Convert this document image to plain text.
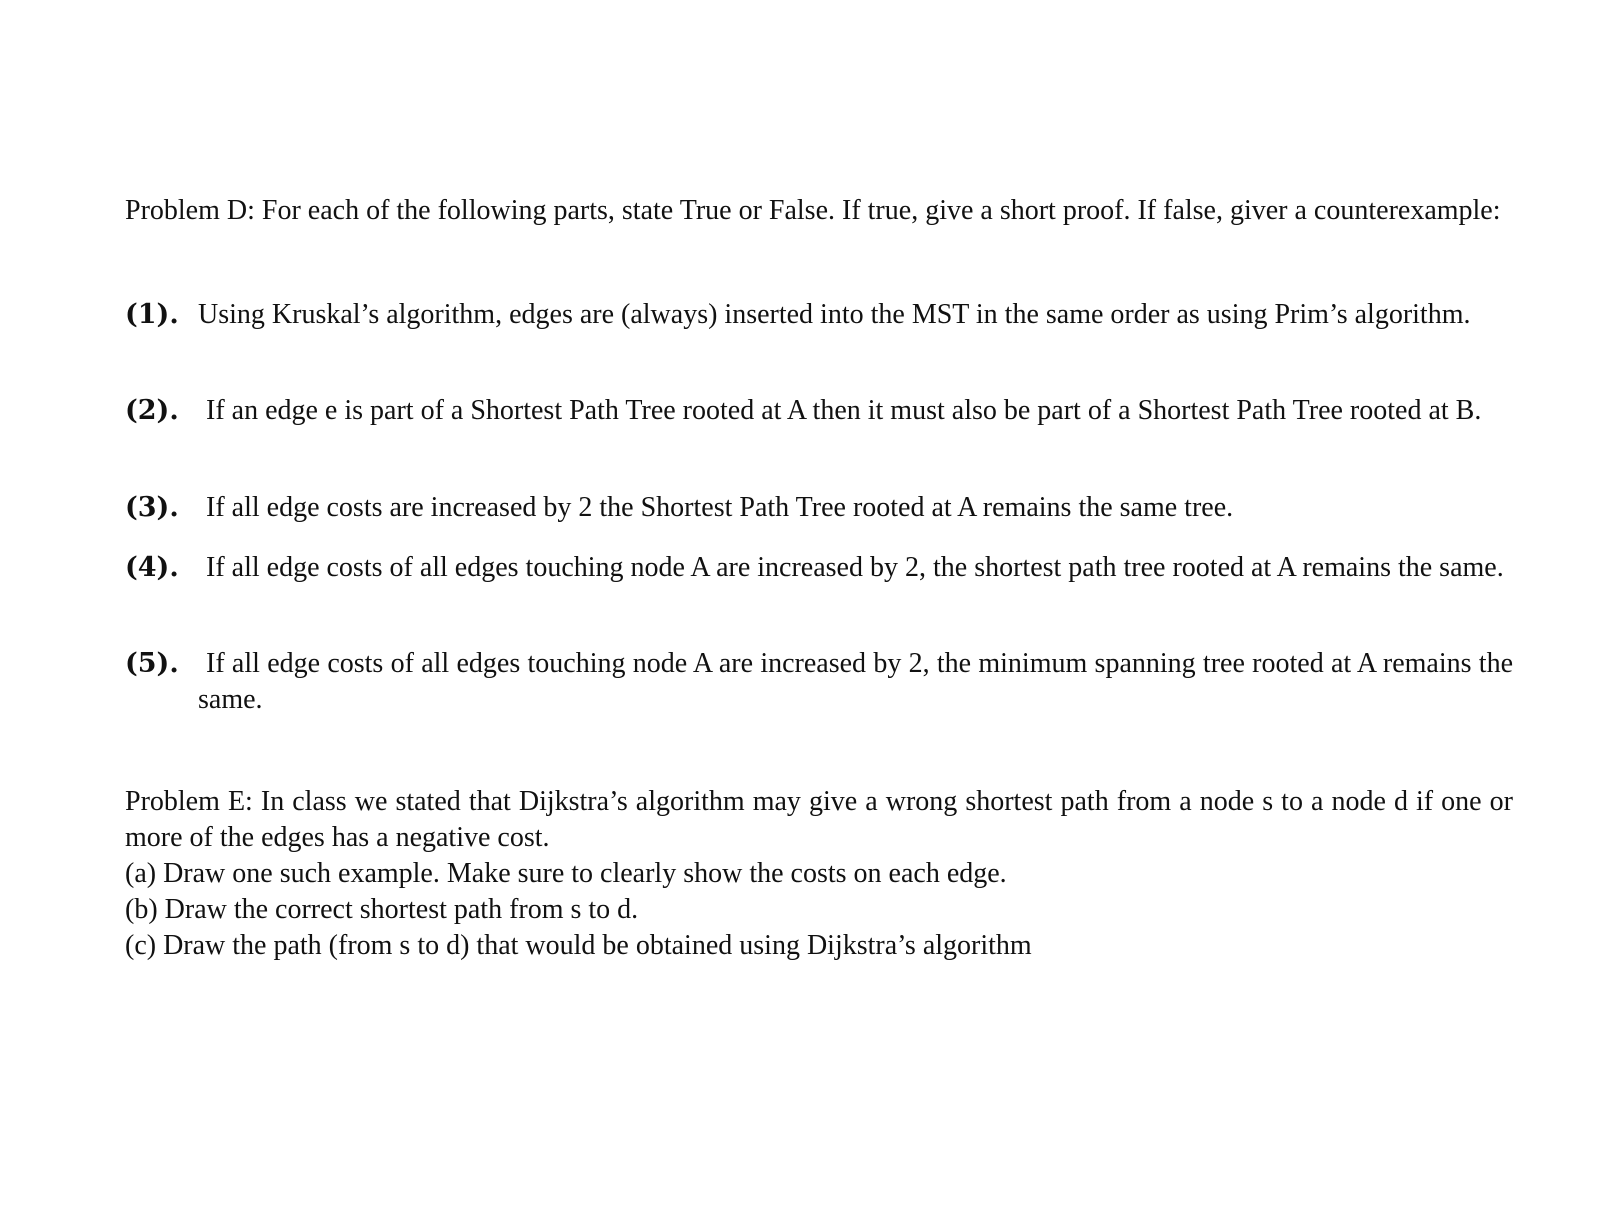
Problem D: For each of the following parts, state True or False. If true, give a short proof. If false, giver a counterexample:
(1). Using Kruskal’s algorithm, edges are (always) inserted into the MST in the same order as using Prim’s algorithm.
(2). If an edge e is part of a Shortest Path Tree rooted at A then it must also be part of a Shortest Path Tree rooted at B.
(3). If all edge costs are increased by 2 the Shortest Path Tree rooted at A remains the same tree.
(4). If all edge costs of all edges touching node A are increased by 2, the shortest path tree rooted at A remains the same.
(5). If all edge costs of all edges touching node A are increased by 2, the minimum spanning tree rooted at A remains the same.
Problem E: In class we stated that Dijkstra’s algorithm may give a wrong shortest path from a node s to a node d if one or more of the edges has a negative cost.
(a) Draw one such example. Make sure to clearly show the costs on each edge.
(b) Draw the correct shortest path from s to d.
(c) Draw the path (from s to d) that would be obtained using Dijkstra’s algorithm
